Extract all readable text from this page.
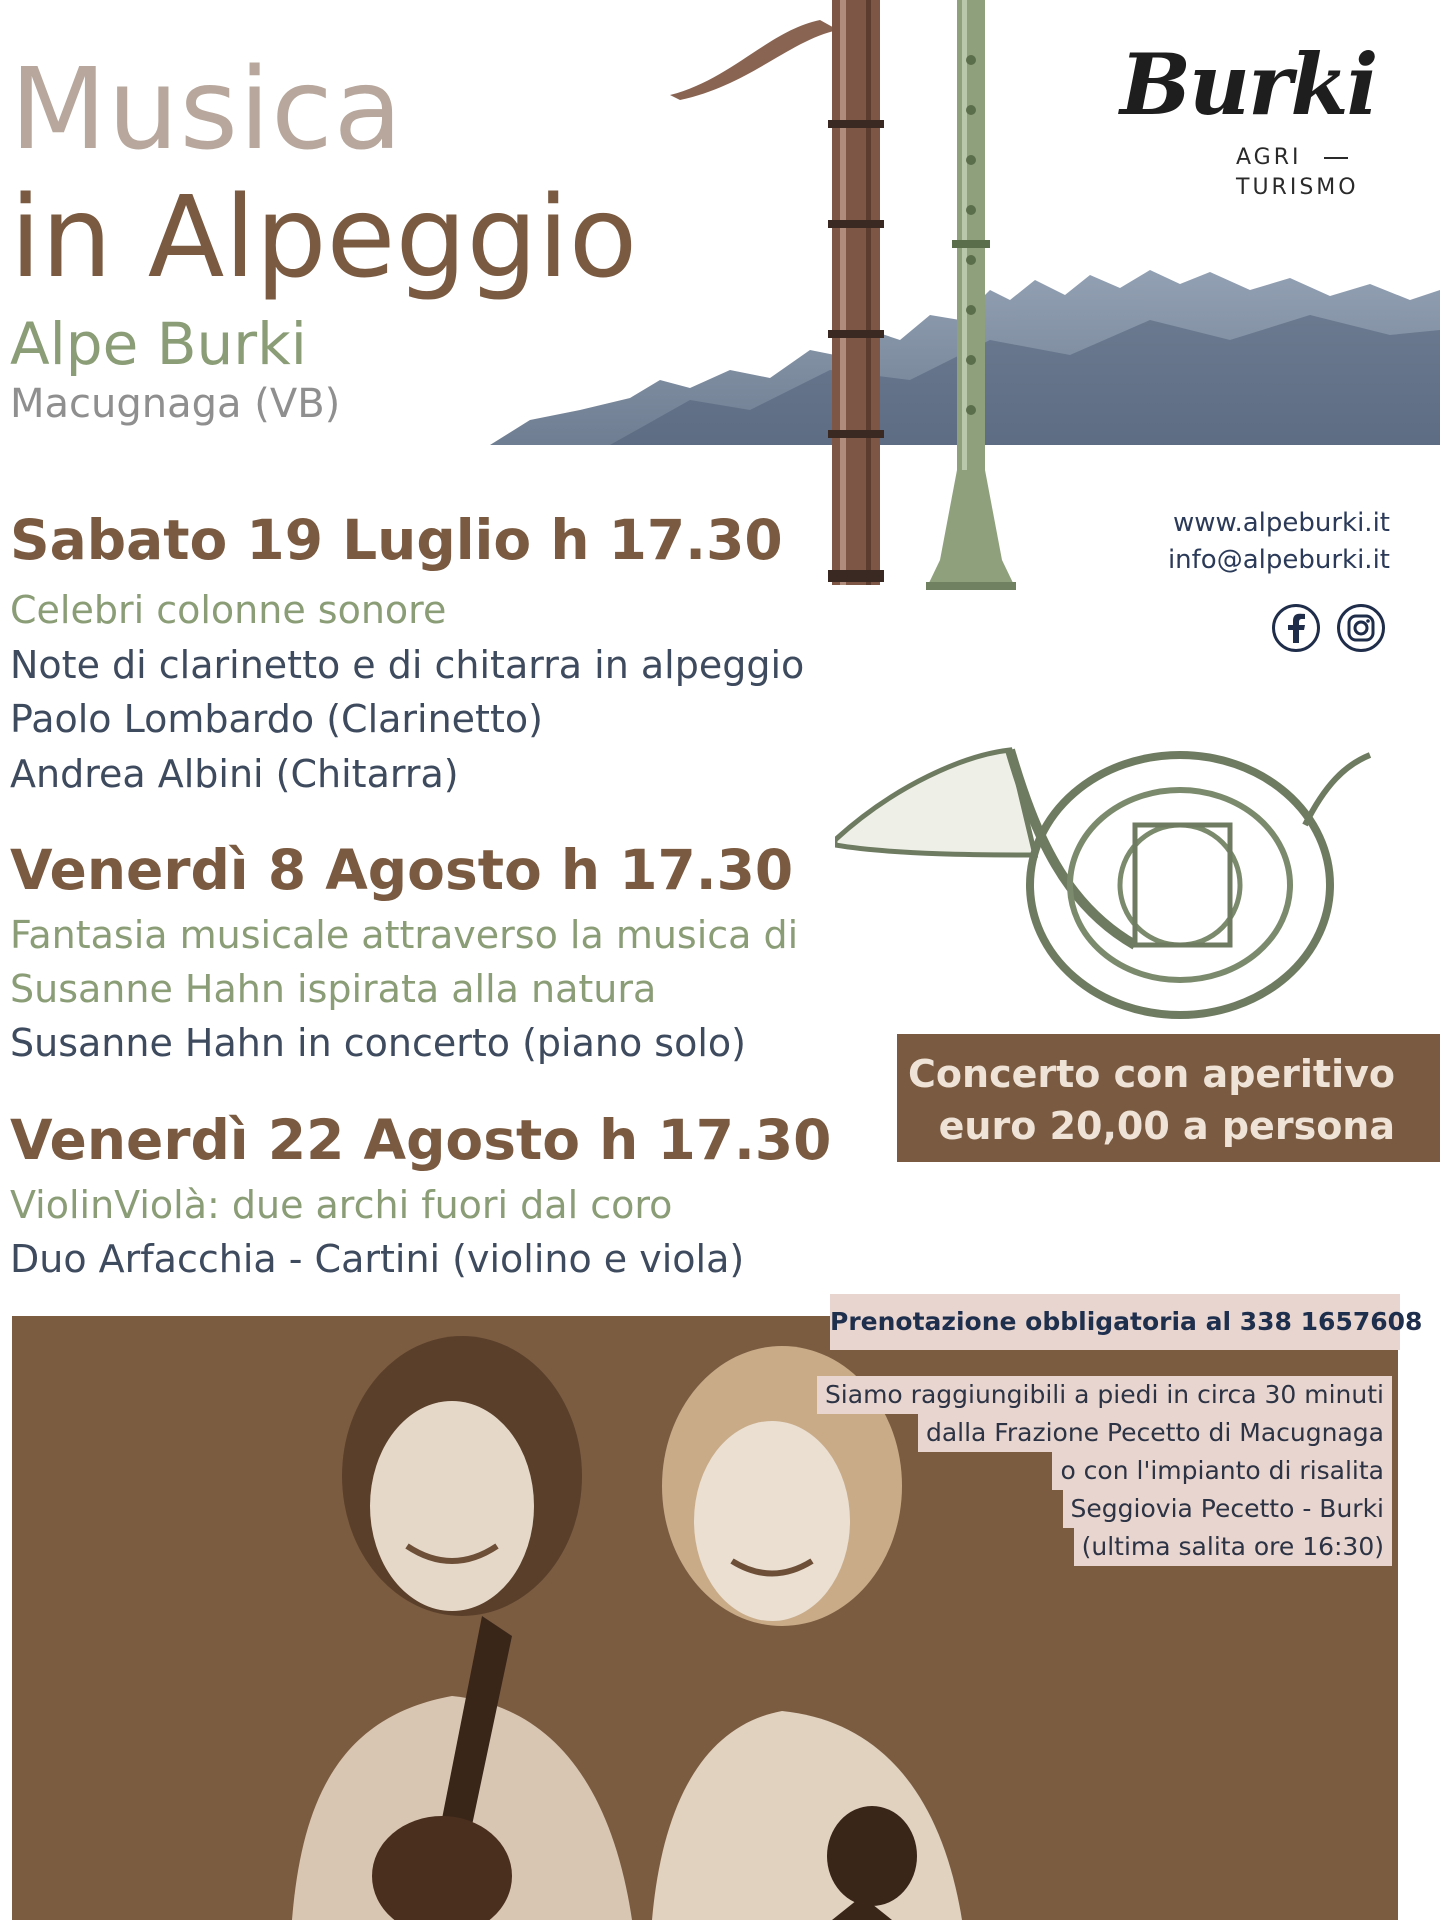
Musica
in Alpeggio
Alpe Burki
Macugnaga (VB)
Burki
AGRI
TURISMO
www.alpeburki.it
info@alpeburki.it
Sabato 19 Luglio h 17.30
Celebri colonne sonore
Note di clarinetto e di chitarra in alpeggio
Paolo Lombardo (Clarinetto)
Andrea Albini (Chitarra)
Venerdì 8 Agosto h 17.30
Fantasia musicale attraverso la musica di
Susanne Hahn ispirata alla natura
Susanne Hahn in concerto (piano solo)
Venerdì 22 Agosto h 17.30
ViolinViolà: due archi fuori dal coro
Duo Arfacchia - Cartini (violino e viola)
Concerto con aperitivo
euro 20,00 a persona
Prenotazione obbligatoria al 338 1657608
Siamo raggiungibili a piedi in circa 30 minuti
dalla Frazione Pecetto di Macugnaga
o con l'impianto di risalita
Seggiovia Pecetto - Burki
(ultima salita ore 16:30)
